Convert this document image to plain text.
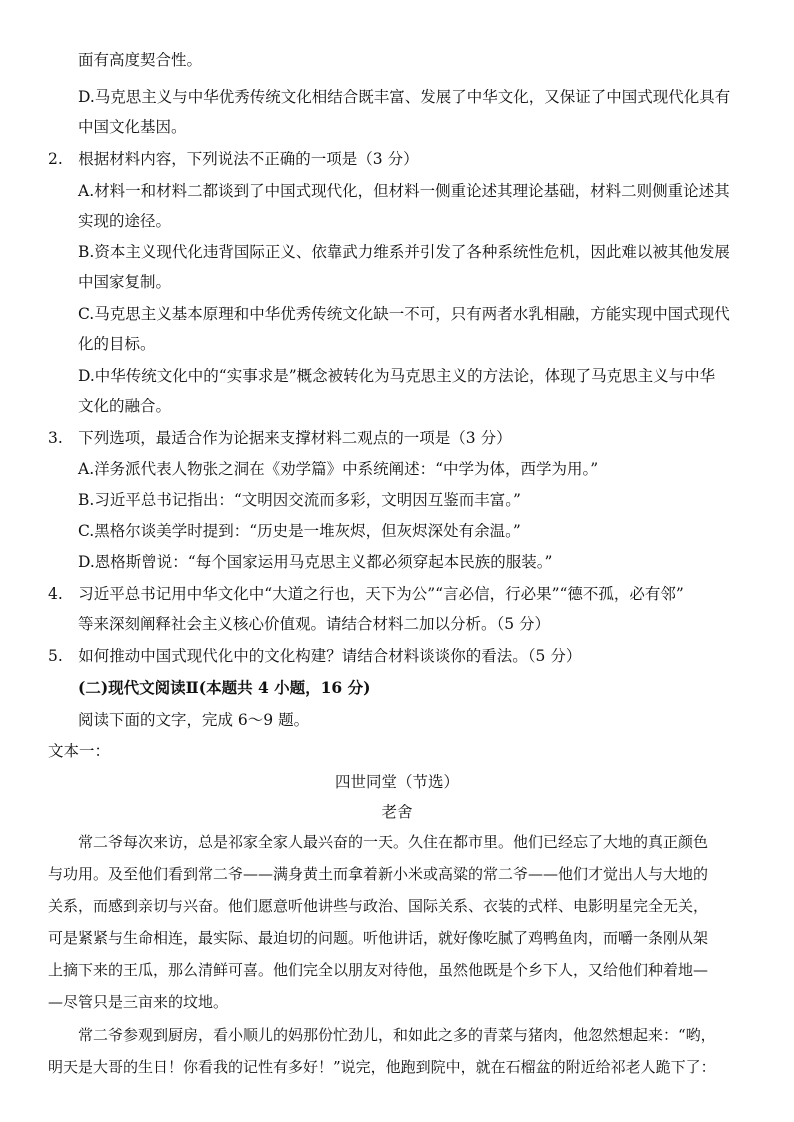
面有高度契合性。
D.马克思主义与中华优秀传统文化相结合既丰富、发展了中华文化，又保证了中国式现代化具有
中国文化基因。
2.　根据材料内容，下列说法不正确的一项是（3 分）
A.材料一和材料二都谈到了中国式现代化，但材料一侧重论述其理论基础，材料二则侧重论述其
实现的途径。
B.资本主义现代化违背国际正义、依靠武力维系并引发了各种系统性危机，因此难以被其他发展
中国家复制。
C.马克思主义基本原理和中华优秀传统文化缺一不可，只有两者水乳相融，方能实现中国式现代
化的目标。
D.中华传统文化中的“实事求是”概念被转化为马克思主义的方法论，体现了马克思主义与中华
文化的融合。
3.　下列选项，最适合作为论据来支撑材料二观点的一项是（3 分）
A.洋务派代表人物张之洞在《劝学篇》中系统阐述：“中学为体，西学为用。”
B.习近平总书记指出：“文明因交流而多彩，文明因互鉴而丰富。”
C.黑格尔谈美学时提到：“历史是一堆灰烬，但灰烬深处有余温。”
D.恩格斯曾说：“每个国家运用马克思主义都必须穿起本民族的服装。”
4.　习近平总书记用中华文化中“大道之行也，天下为公”“言必信，行必果”“德不孤，必有邻”
等来深刻阐释社会主义核心价值观。请结合材料二加以分析。（5 分）
5.　如何推动中国式现代化中的文化构建？请结合材料谈谈你的看法。（5 分）
(二)现代文阅读Ⅱ(本题共 4 小题，16 分)
阅读下面的文字，完成 6～9 题。
文本一：
四世同堂（节选）
老舍
常二爷每次来访，总是祁家全家人最兴奋的一天。久住在都市里。他们已经忘了大地的真正颜色
与功用。及至他们看到常二爷——满身黄土而拿着新小米或高粱的常二爷——他们才觉出人与大地的
关系，而感到亲切与兴奋。他们愿意听他讲些与政治、国际关系、衣装的式样、电影明星完全无关，
可是紧紧与生命相连，最实际、最迫切的问题。听他讲话，就好像吃腻了鸡鸭鱼肉，而嚼一条刚从架
上摘下来的王瓜，那么清鲜可喜。他们完全以朋友对待他，虽然他既是个乡下人，又给他们种着地—
—尽管只是三亩来的坟地。
常二爷参观到厨房，看小顺儿的妈那份忙劲儿，和如此之多的青菜与猪肉，他忽然想起来：“哟，
明天是大哥的生日！你看我的记性有多好！”说完，他跑到院中，就在石榴盆的附近给祁老人跪下了：
